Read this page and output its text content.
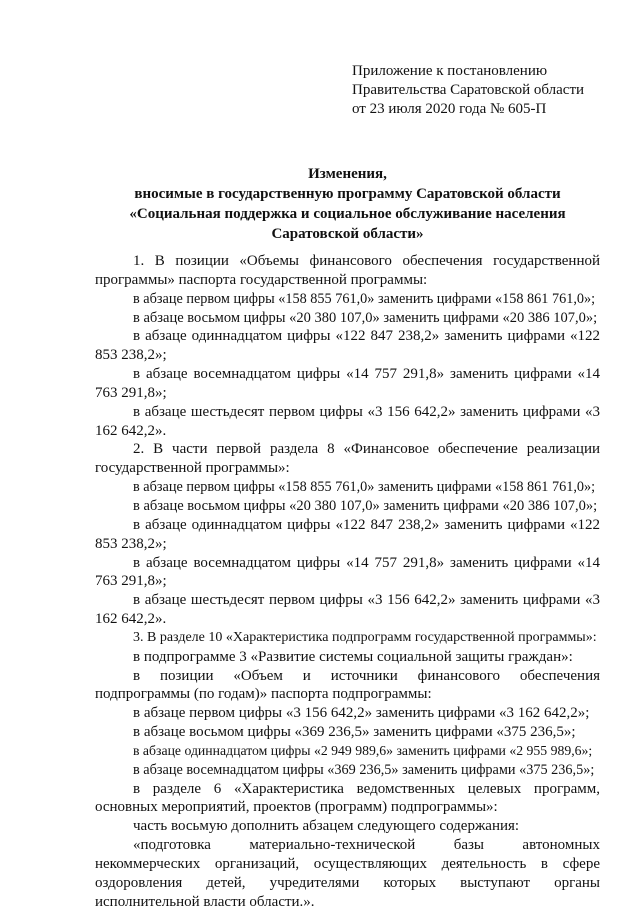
Приложение к постановлению
Правительства Саратовской области
от 23 июля 2020 года № 605-П
Изменения,
вносимые в государственную программу Саратовской области
«Социальная поддержка и социальное обслуживание населения
Саратовской области»

1. В позиции «Объемы финансового обеспечения государственной программы» паспорта государственной программы:

в абзаце первом цифры «158 855 761,0» заменить цифрами «158 861 761,0»;

в абзаце восьмом цифры «20 380 107,0» заменить цифрами «20 386 107,0»;

в абзаце одиннадцатом цифры «122 847 238,2» заменить цифрами «122 853 238,2»;

в абзаце восемнадцатом цифры «14 757 291,8» заменить цифрами «14 763 291,8»;

в абзаце шестьдесят первом цифры «3 156 642,2» заменить цифрами «3 162 642,2».

2. В части первой раздела 8 «Финансовое обеспечение реализации государственной программы»:

в абзаце первом цифры «158 855 761,0» заменить цифрами «158 861 761,0»;

в абзаце восьмом цифры «20 380 107,0» заменить цифрами «20 386 107,0»;

в абзаце одиннадцатом цифры «122 847 238,2» заменить цифрами «122 853 238,2»;

в абзаце восемнадцатом цифры «14 757 291,8» заменить цифрами «14 763 291,8»;

в абзаце шестьдесят первом цифры «3 156 642,2» заменить цифрами «3 162 642,2».

3. В разделе 10 «Характеристика подпрограмм государственной программы»:

в подпрограмме 3 «Развитие системы социальной защиты граждан»:

в позиции «Объем и источники финансового обеспечения подпрограммы (по годам)» паспорта подпрограммы:

в абзаце первом цифры «3 156 642,2» заменить цифрами «3 162 642,2»;

в абзаце восьмом цифры «369 236,5» заменить цифрами «375 236,5»;

в абзаце одиннадцатом цифры «2 949 989,6» заменить цифрами «2 955 989,6»;

в абзаце восемнадцатом цифры «369 236,5» заменить цифрами «375 236,5»;

в разделе 6 «Характеристика ведомственных целевых программ, основных мероприятий, проектов (программ) подпрограммы»:

часть восьмую дополнить абзацем следующего содержания:

«подготовка материально-технической базы автономных некоммерческих организаций, осуществляющих деятельность в сфере оздоровления детей, учредителями которых выступают органы исполнительной власти области.».
